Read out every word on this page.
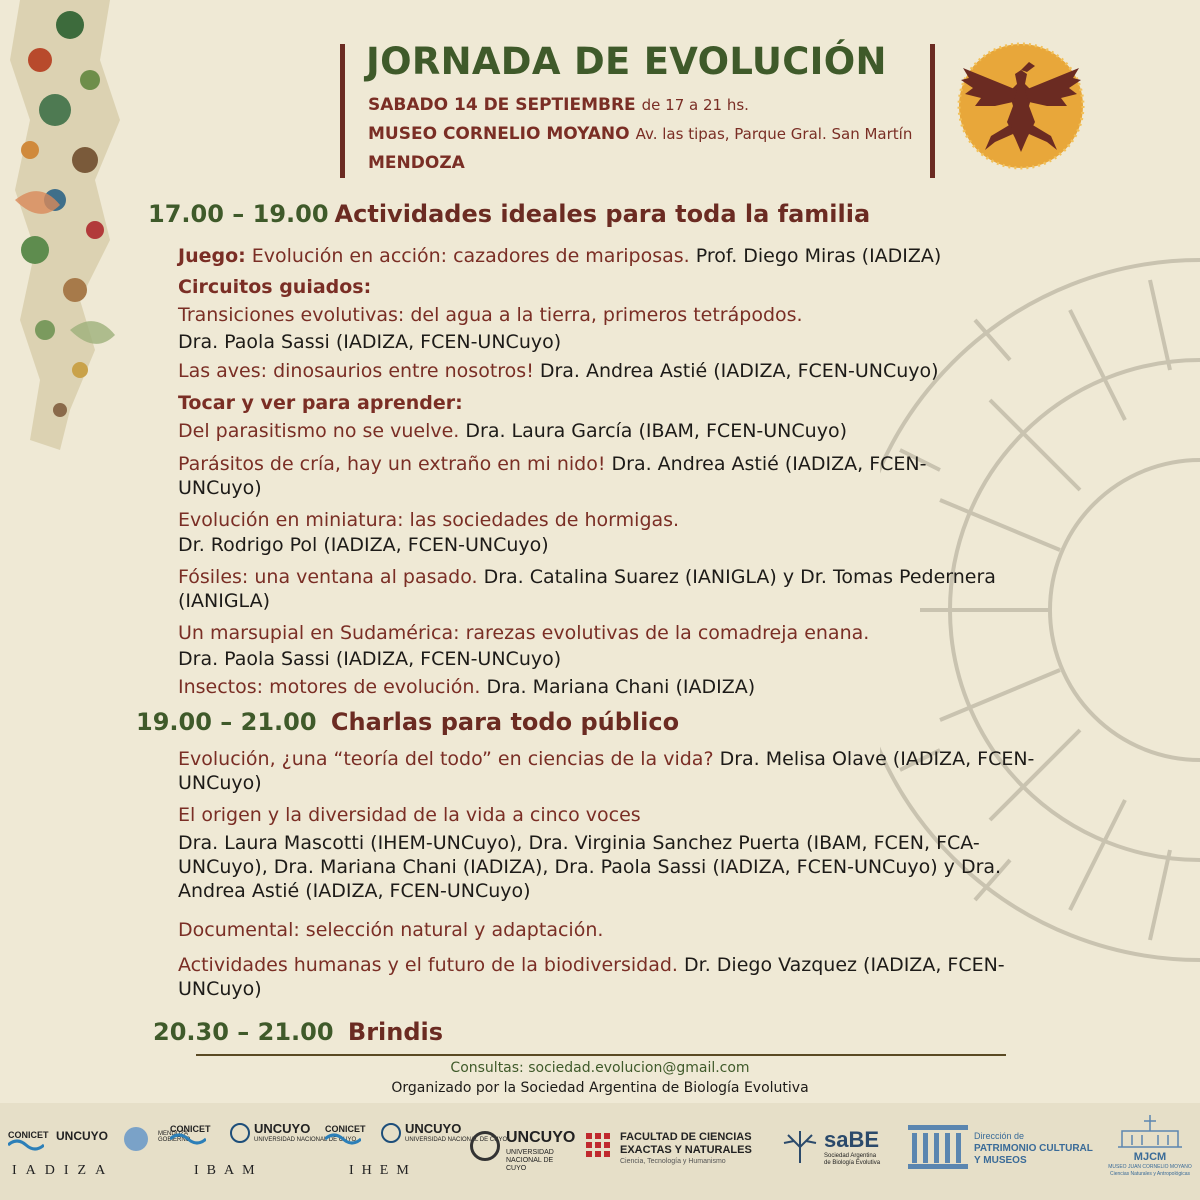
JORNADA DE EVOLUCIÓN
SABADO 14 DE SEPTIEMBRE de 17 a 21 hs.
MUSEO CORNELIO MOYANO Av. las tipas, Parque Gral. San Martín
MENDOZA
17.00 – 19.00 Actividades ideales para toda la familia
Juego: Evolución en acción: cazadores de mariposas. Prof. Diego Miras (IADIZA)
Circuitos guiados:
Transiciones evolutivas: del agua a la tierra, primeros tetrápodos.
Dra. Paola Sassi (IADIZA, FCEN-UNCuyo)
Las aves: dinosaurios entre nosotros! Dra. Andrea Astié (IADIZA, FCEN-UNCuyo)
Tocar y ver para aprender:
Del parasitismo no se vuelve. Dra. Laura García (IBAM, FCEN-UNCuyo)
Parásitos de cría, hay un extraño en mi nido! Dra. Andrea Astié (IADIZA, FCEN-UNCuyo)
Evolución en miniatura: las sociedades de hormigas.
Dr. Rodrigo Pol (IADIZA, FCEN-UNCuyo)
Fósiles: una ventana al pasado. Dra. Catalina Suarez (IANIGLA) y Dr. Tomas Pedernera (IANIGLA)
Un marsupial en Sudamérica: rarezas evolutivas de la comadreja enana.
Dra. Paola Sassi (IADIZA, FCEN-UNCuyo)
Insectos: motores de evolución. Dra. Mariana Chani (IADIZA)
19.00 – 21.00 Charlas para todo público
Evolución, ¿una “teoría del todo” en ciencias de la vida? Dra. Melisa Olave (IADIZA, FCEN-UNCuyo)
El origen y la diversidad de la vida a cinco voces
Dra. Laura Mascotti (IHEM-UNCuyo), Dra. Virginia Sanchez Puerta (IBAM, FCEN, FCA-UNCuyo), Dra. Mariana Chani (IADIZA), Dra. Paola Sassi (IADIZA, FCEN-UNCuyo) y Dra. Andrea Astié (IADIZA, FCEN-UNCuyo)
Documental: selección natural y adaptación.
Actividades humanas y el futuro de la biodiversidad. Dr. Diego Vazquez (IADIZA, FCEN-UNCuyo)
20.30 – 21.00 Brindis
Consultas: sociedad.evolucion@gmail.com
Organizado por la Sociedad Argentina de Biología Evolutiva
CONICET UNCUYO	MENDOZA GOBIERNO
IADIZA
CONICET	UNCUYO
UNIVERSIDAD NACIONAL DE CUYO
IBAM
CONICET	UNCUYO
UNIVERSIDAD NACIONAL DE CUYO
IHEM
UNCUYO
UNIVERSIDAD NACIONAL DE CUYO
FACULTAD DE CIENCIAS
EXACTAS Y NATURALES
Ciencia, Tecnología y Humanismo
saBE
Sociedad Argentina
de Biología Evolutiva
Dirección de
PATRIMONIO CULTURAL
Y MUSEOS	MJCM
MUSEO JUAN CORNELIO MOYANO
Ciencias Naturales y Antropológicas
